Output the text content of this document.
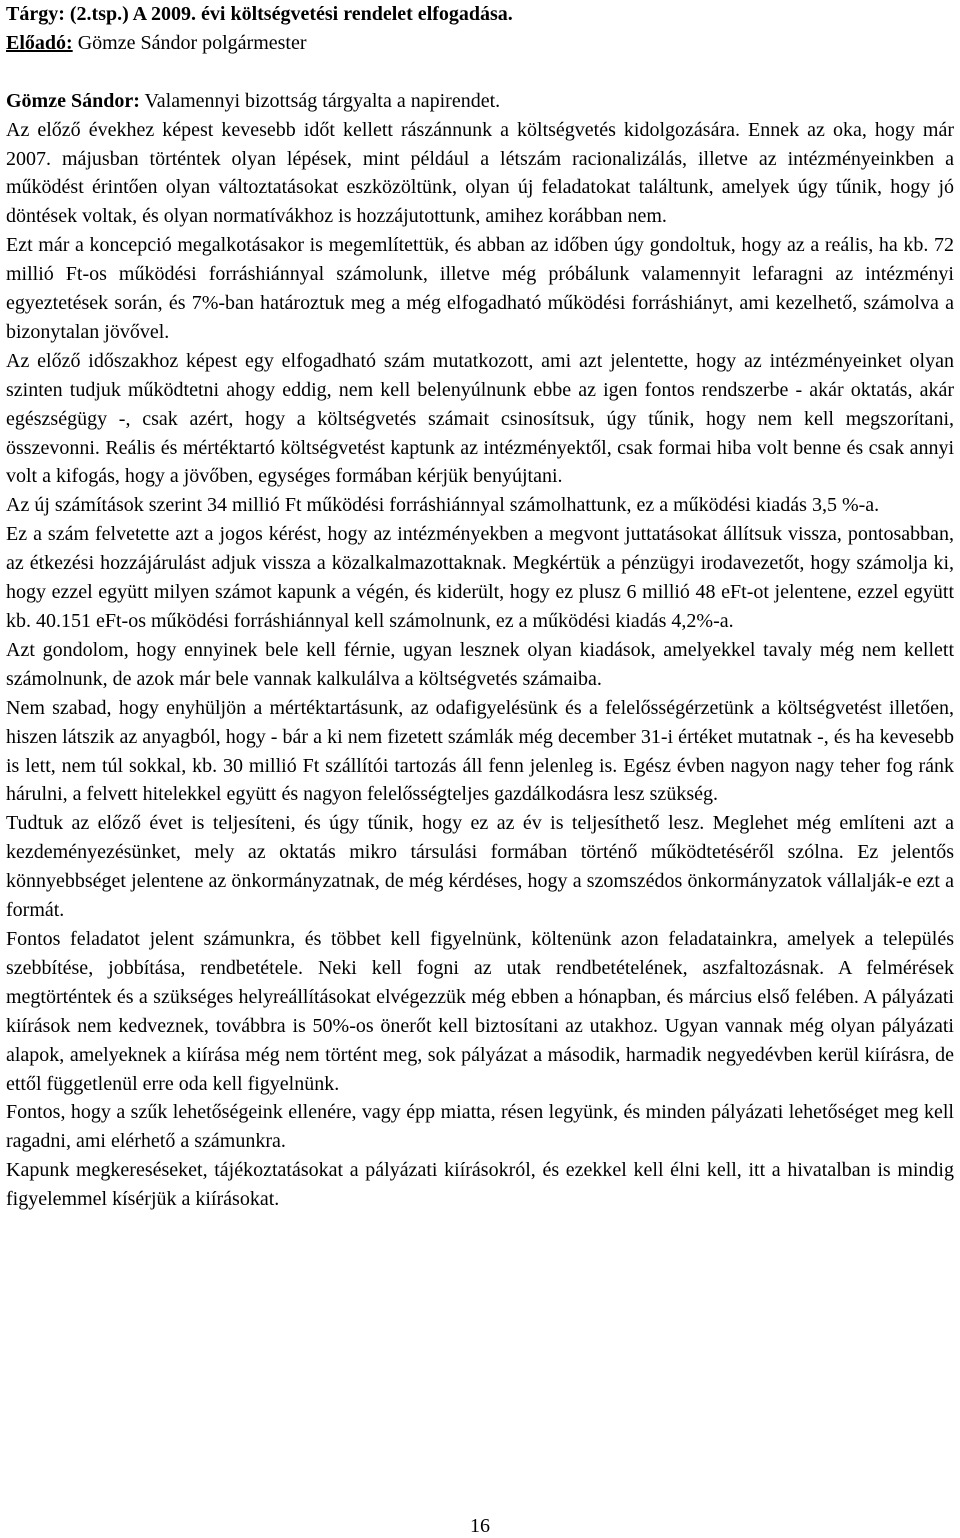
Tárgy: (2.tsp.) A 2009. évi költségvetési rendelet elfogadása.
Előadó: Gömze Sándor polgármester
Gömze Sándor: Valamennyi bizottság tárgyalta a napirendet.

Az előző évekhez képest kevesebb időt kellett rászánnunk a költségvetés kidolgozására. Ennek az oka, hogy már 2007. májusban történtek olyan lépések, mint például a létszám racionalizálás, illetve az intézményeinkben a működést érintően olyan változtatásokat eszközöltünk, olyan új feladatokat találtunk, amelyek úgy tűnik, hogy jó döntések voltak, és olyan normatívákhoz is hozzájutottunk, amihez korábban nem.

Ezt már a koncepció megalkotásakor is megemlítettük, és abban az időben úgy gondoltuk, hogy az a reális, ha kb. 72 millió Ft-os működési forráshiánnyal számolunk, illetve még próbálunk valamennyit lefaragni az intézményi egyeztetések során, és 7%-ban határoztuk meg a még elfogadható működési forráshiányt, ami kezelhető, számolva a bizonytalan jövővel.

Az előző időszakhoz képest egy elfogadható szám mutatkozott, ami azt jelentette, hogy az intézményeinket olyan szinten tudjuk működtetni ahogy eddig, nem kell belenyúlnunk ebbe az igen fontos rendszerbe - akár oktatás, akár egészségügy -, csak azért, hogy a költségvetés számait csinosítsuk, úgy tűnik, hogy nem kell megszorítani, összevonni. Reális és mértéktartó költségvetést kaptunk az intézményektől, csak formai hiba volt benne és csak annyi volt a kifogás, hogy a jövőben, egységes formában kérjük benyújtani.

Az új számítások szerint 34 millió Ft működési forráshiánnyal számolhattunk, ez a működési kiadás 3,5 %-a.

Ez a szám felvetette azt a jogos kérést, hogy az intézményekben a megvont juttatásokat állítsuk vissza, pontosabban, az étkezési hozzájárulást adjuk vissza a közalkalmazottaknak. Megkértük a pénzügyi irodavezetőt, hogy számolja ki, hogy ezzel együtt milyen számot kapunk a végén, és kiderült, hogy ez plusz 6 millió 48 eFt-ot jelentene, ezzel együtt kb. 40.151 eFt-os működési forráshiánnyal kell számolnunk, ez a működési kiadás 4,2%-a.

Azt gondolom, hogy ennyinek bele kell férnie, ugyan lesznek olyan kiadások, amelyekkel tavaly még nem kellett számolnunk, de azok már bele vannak kalkulálva a költségvetés számaiba.

Nem szabad, hogy enyhüljön a mértéktartásunk, az odafigyelésünk és a felelősségérzetünk a költségvetést illetően, hiszen látszik az anyagból, hogy - bár a ki nem fizetett számlák még december 31-i értéket mutatnak -, és ha kevesebb is lett, nem túl sokkal, kb. 30 millió Ft szállítói tartozás áll fenn jelenleg is. Egész évben nagyon nagy teher fog ránk hárulni, a felvett hitelekkel együtt és nagyon felelősségteljes gazdálkodásra lesz szükség.

Tudtuk az előző évet is teljesíteni, és úgy tűnik, hogy ez az év is teljesíthető lesz. Meglehet még említeni azt a kezdeményezésünket, mely az oktatás mikro társulási formában történő működtetéséről szólna. Ez jelentős könnyebbséget jelentene az önkormányzatnak, de még kérdéses, hogy a szomszédos önkormányzatok vállalják-e ezt a formát.

Fontos feladatot jelent számunkra, és többet kell figyelnünk, költenünk azon feladatainkra, amelyek a település szebbítése, jobbítása, rendbetétele. Neki kell fogni az utak rendbetételének, aszfaltozásnak. A felmérések megtörténtek és a szükséges helyreállításokat elvégezzük még ebben a hónapban, és március első felében. A pályázati kiírások nem kedveznek, továbbra is 50%-os önerőt kell biztosítani az utakhoz. Ugyan vannak még olyan pályázati alapok, amelyeknek a kiírása még nem történt meg, sok pályázat a második, harmadik negyedévben kerül kiírásra, de ettől függetlenül erre oda kell figyelnünk.

Fontos, hogy a szűk lehetőségeink ellenére, vagy épp miatta, résen legyünk, és minden pályázati lehetőséget meg kell ragadni, ami elérhető a számunkra.

Kapunk megkereséseket, tájékoztatásokat a pályázati kiírásokról, és ezekkel kell élni kell, itt a hivatalban is mindig figyelemmel kísérjük a kiírásokat.

16
